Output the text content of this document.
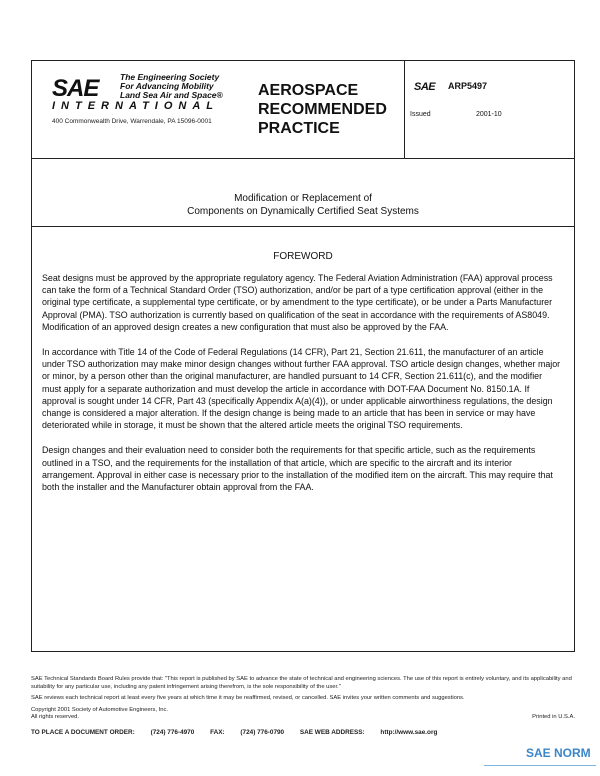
SAE	The Engineering Society
For Advancing Mobility
Land Sea Air and Space®
INTERNATIONAL
400 Commonwealth Drive, Warrendale, PA 15096-0001
AEROSPACE
RECOMMENDED
PRACTICE
SAE ARP5497
Issued	2001-10
Modification or Replacement of
Components on Dynamically Certified Seat Systems
FOREWORD

Seat designs must be approved by the appropriate regulatory agency. The Federal Aviation Administration (FAA) approval process can take the form of a Technical Standard Order (TSO) authorization, and/or be part of a type certification approval (either in the original type certificate, a supplemental type certificate, or by amendment to the type certificate), or be under a Parts Manufacturer Approval (PMA). TSO authorization is currently based on qualification of the seat in accordance with the requirements of AS8049. Modification of an approved design creates a new configuration that must also be approved by the FAA.

In accordance with Title 14 of the Code of Federal Regulations (14 CFR), Part 21, Section 21.611, the manufacturer of an article under TSO authorization may make minor design changes without further FAA approval. TSO article design changes, whether major or minor, by a person other than the original manufacturer, are handled pursuant to 14 CFR, Section 21.611(c), and the modifier must apply for a separate authorization and must develop the article in accordance with DOT-FAA Document No. 8150.1A. If approval is sought under 14 CFR, Part 43 (specifically Appendix A(a)(4)), or under applicable airworthiness regulations, the design change is considered a major alteration. If the design change is being made to an article that has been in service or may have deteriorated while in storage, it must be shown that the altered article meets the original TSO requirements.

Design changes and their evaluation need to consider both the requirements for that specific article, such as the requirements outlined in a TSO, and the requirements for the installation of that article, which are specific to the aircraft and its interior arrangement. Approval in either case is necessary prior to the installation of the modified item on the aircraft. This may require that both the installer and the Manufacturer obtain approval from the FAA.

SAE Technical Standards Board Rules provide that: "This report is published by SAE to advance the state of technical and engineering sciences. The use of this report is entirely voluntary, and its applicability and suitability for any particular use, including any patent infringement arising therefrom, is the sole responsibility of the user."

SAE reviews each technical report at least every five years at which time it may be reaffirmed, revised, or cancelled. SAE invites your written comments and suggestions.

Copyright 2001 Society of Automotive Engineers, Inc.

All rights reserved.	Printed in U.S.A.

TO PLACE A DOCUMENT ORDER: (724) 776-4970 FAX: (724) 776-0790 SAE WEB ADDRESS: http://www.sae.org
SAE NORM
